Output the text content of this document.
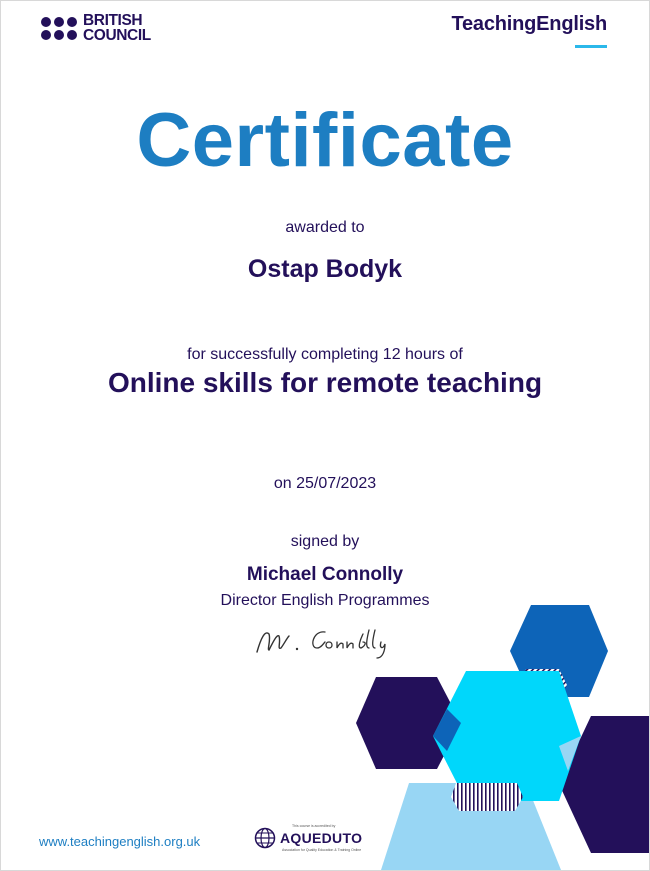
BRITISH
COUNCIL
TeachingEnglish
Certificate
awarded to
Ostap Bodyk
for successfully completing 12 hours of
Online skills for remote teaching
on 25/07/2023
signed by
Michael Connolly
Director English Programmes
www.teachingenglish.org.uk
This course is accredited by
AQUEDUTO
Association for Quality Education & Training Online
